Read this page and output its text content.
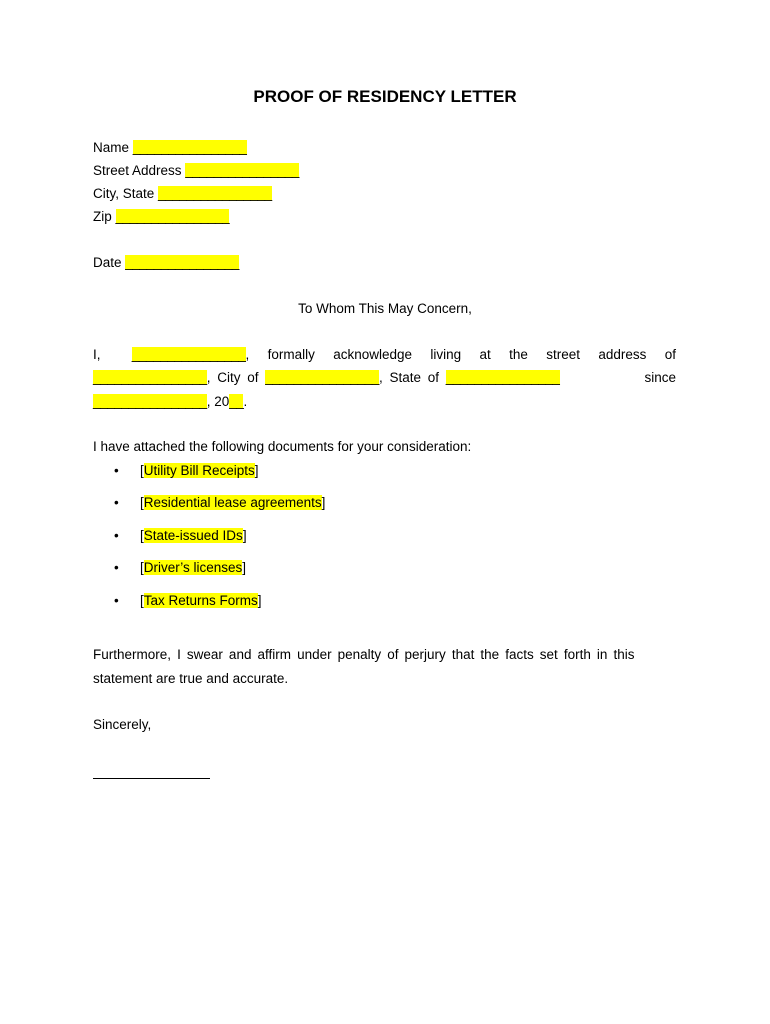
PROOF OF RESIDENCY LETTER
Name ________________
Street Address ________________
City, State ________________
Zip ________________
Date ________________
To Whom This May Concern,
I, ________________, formally acknowledge living at the street address of
________________, City of ________________, State of ________________	since
________________, 20__.
I have attached the following documents for your consideration:
• [Utility Bill Receipts]
• [Residential lease agreements]
• [State-issued IDs]
• [Driver’s licenses]
• [Tax Returns Forms]
Furthermore, I swear and affirm under penalty of perjury that the facts set forth in this
statement are true and accurate.
Sincerely,
